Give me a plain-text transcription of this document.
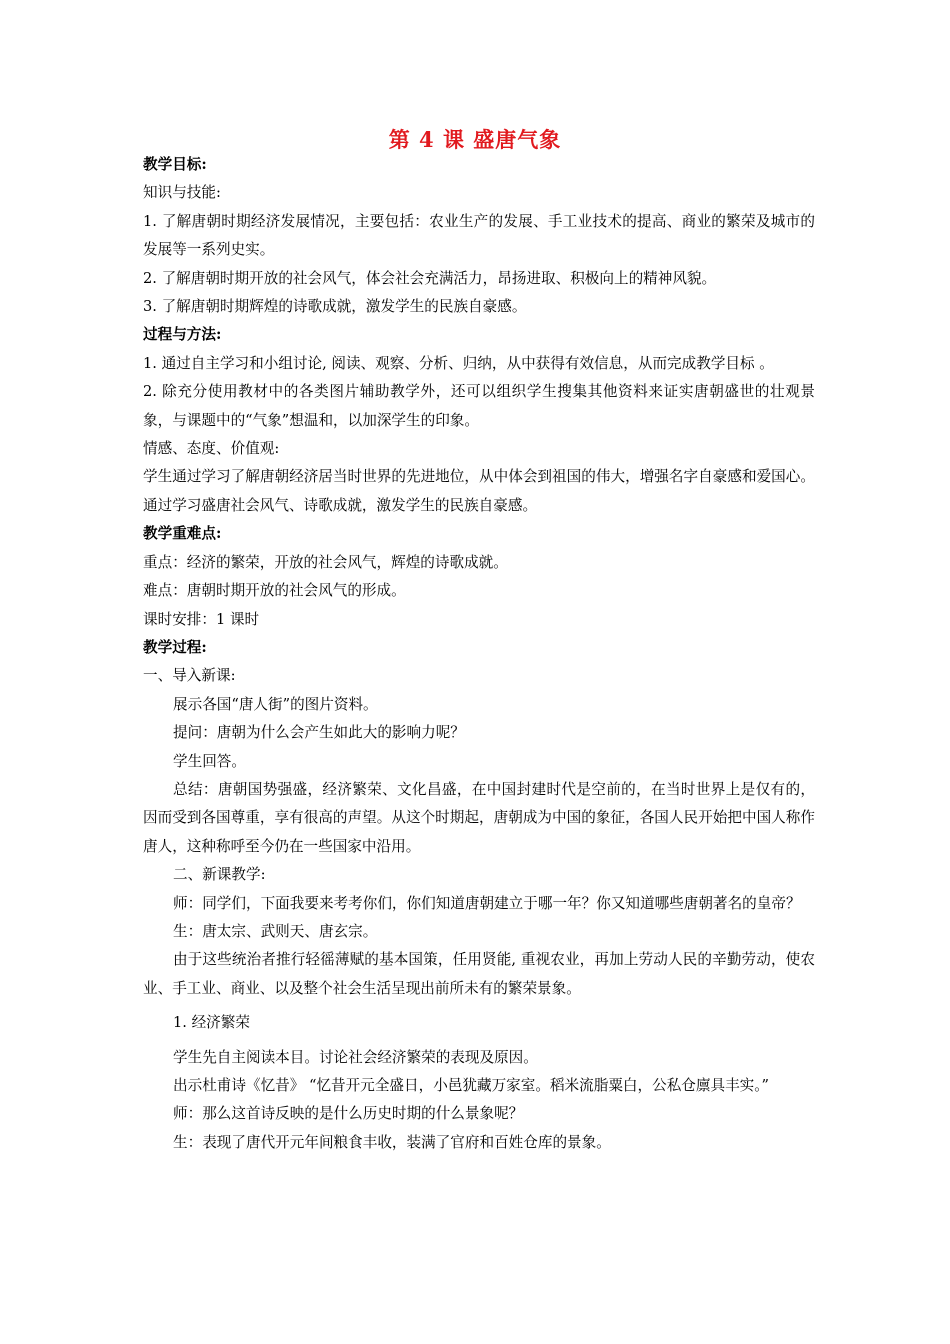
第 4 课 盛唐气象

教学目标:

知识与技能:

1. 了解唐朝时期经济发展情况，主要包括：农业生产的发展、手工业技术的提高、商业的繁荣及城市的发展等一系列史实。

2. 了解唐朝时期开放的社会风气，体会社会充满活力，昂扬进取、积极向上的精神风貌。

3. 了解唐朝时期辉煌的诗歌成就，激发学生的民族自豪感。

过程与方法:

1. 通过自主学习和小组讨论, 阅读、观察、分析、归纳，从中获得有效信息，从而完成教学目标 。

2. 除充分使用教材中的各类图片辅助教学外，还可以组织学生搜集其他资料来证实唐朝盛世的壮观景象，与课题中的“气象”想温和，以加深学生的印象。

情感、态度、价值观:

学生通过学习了解唐朝经济居当时世界的先进地位，从中体会到祖国的伟大，增强名字自豪感和爱国心。通过学习盛唐社会风气、诗歌成就，激发学生的民族自豪感。

教学重难点:

重点：经济的繁荣，开放的社会风气，辉煌的诗歌成就。

难点：唐朝时期开放的社会风气的形成。

课时安排：1 课时

教学过程:

一、导入新课:

展示各国“唐人街”的图片资料。

提问：唐朝为什么会产生如此大的影响力呢？

学生回答。

总结：唐朝国势强盛，经济繁荣、文化昌盛，在中国封建时代是空前的，在当时世界上是仅有的，因而受到各国尊重，享有很高的声望。从这个时期起，唐朝成为中国的象征，各国人民开始把中国人称作唐人，这种称呼至今仍在一些国家中沿用。

二、新课教学:

师：同学们，下面我要来考考你们，你们知道唐朝建立于哪一年？你又知道哪些唐朝著名的皇帝？

生：唐太宗、武则天、唐玄宗。

由于这些统治者推行轻徭薄赋的基本国策，任用贤能, 重视农业，再加上劳动人民的辛勤劳动，使农业、手工业、商业、以及整个社会生活呈现出前所未有的繁荣景象。

1. 经济繁荣

学生先自主阅读本目。讨论社会经济繁荣的表现及原因。

出示杜甫诗《忆昔》 “忆昔开元全盛日，小邑犹藏万家室。稻米流脂粟白，公私仓廪具丰实。”

师：那么这首诗反映的是什么历史时期的什么景象呢？

生：表现了唐代开元年间粮食丰收，装满了官府和百姓仓库的景象。
